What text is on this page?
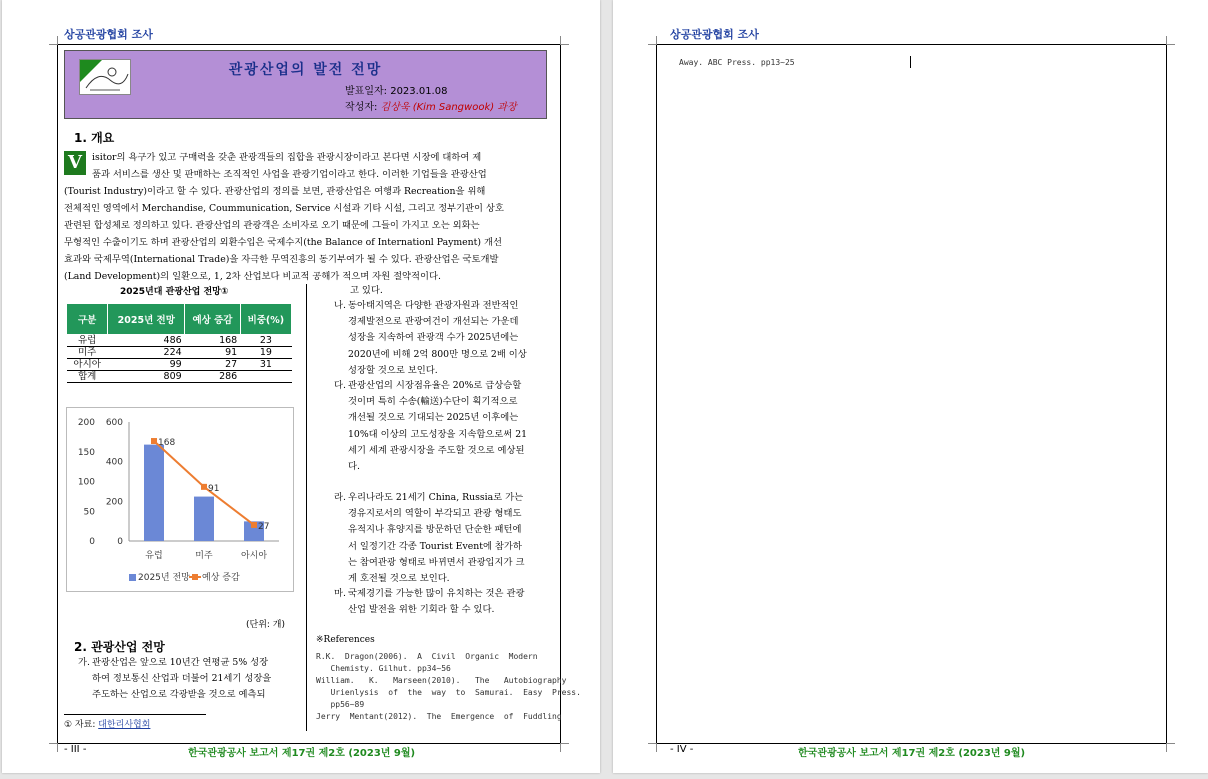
상공관광협회 조사
관광산업의 발전 전망
발표일자: 2023.01.08
작성자: 김상욱 (Kim Sangwook) 과장
1. 개요
V	isitor의 욕구가 있고 구매력을 갖춘 관광객들의 집합을 관광시장이라고 본다면 시장에 대하여 제
품과 서비스를 생산 및 판매하는 조직적인 사업을 관광기업이라고 한다. 이러한 기업들을 관광산업
(Tourist Industry)이라고 할 수 있다. 관광산업의 정의를 보면, 관광산업은 여행과 Recreation을 위해
전체적인 영역에서 Merchandise, Coummunication, Service 시설과 기타 시설, 그리고 정부기관이 상호
관련된 합성체로 정의하고 있다. 관광산업의 관광객은 소비자로 오기 때문에 그들이 가지고 오는 외화는
무형적인 수출이기도 하며 관광산업의 외환수입은 국제수지(the Balance of Internationl Payment) 개선
효과와 국제무역(International Trade)을 자극한 무역진흥의 동기부여가 될 수 있다. 관광산업은 국토개발
(Land Development)의 일환으로, 1, 2차 산업보다 비교적 공해가 적으며 자원 절약적이다.
2025년대 관광산업 전망①
구분	2025년 전망	예상 증감	비중(%)
유럽	486	168	23
미주	224	91	19
아시아	99	27	31
합계	809	286	
0
50
100
150
200
0
200
400
600
유럽	미주	아시아
168
91
27
2025년 전망 예상 증감
(단위: 개)
2. 관광산업 전망
가. 관광산업은 앞으로 10년간 연평균 5% 성장
하여 정보통신 산업과 더불어 21세기 성장을
주도하는 산업으로 각광받을 것으로 예측되
① 자료: 대한리사협회
고 있다.
나. 동아태지역은 다양한 관광자원과 전반적인
경제발전으로 관광여건이 개선되는 가운데
성장을 지속하여 관광객 수가 2025년에는
2020년에 비해 2억 800만 명으로 2배 이상
성장할 것으로 보인다.
다. 관광산업의 시장점유율은 20%로 급상승할
것이며 특히 수송(輸送)수단이 획기적으로
개선될 것으로 기대되는 2025년 이후에는
10%대 이상의 고도성장을 지속함으로써 21
세기 세계 관광시장을 주도할 것으로 예상된
다.
라. 우리나라도 21세기 China, Russia로 가는
경유지로서의 역할이 부각되고 관광 형태도
유적지나 휴양지를 방문하던 단순한 패턴에
서 일정기간 각종 Tourist Event에 참가하
는 참여관광 형태로 바뀌면서 관광입지가 크
게 호전될 것으로 보인다.
마. 국제경기를 가능한 많이 유치하는 것은 관광
산업 발전을 위한 기회라 할 수 있다.
※References
R.K.  Dragon(2006).  A  Civil  Organic  Modern
Chemisty. Gilhut. pp34~56
William.   K.   Marseen(2010).   The   Autobiography
Urienlysis  of  the  way  to  Samurai.  Easy  Press.
pp56~89
Jerry  Mentant(2012).  The  Emergence  of  Fuddling
- III -	한국관광공사 보고서 제17권 제2호 (2023년 9월)
상공관광협회 조사
Away. ABC Press. pp13~25
- IV -	한국관광공사 보고서 제17권 제2호 (2023년 9월)
